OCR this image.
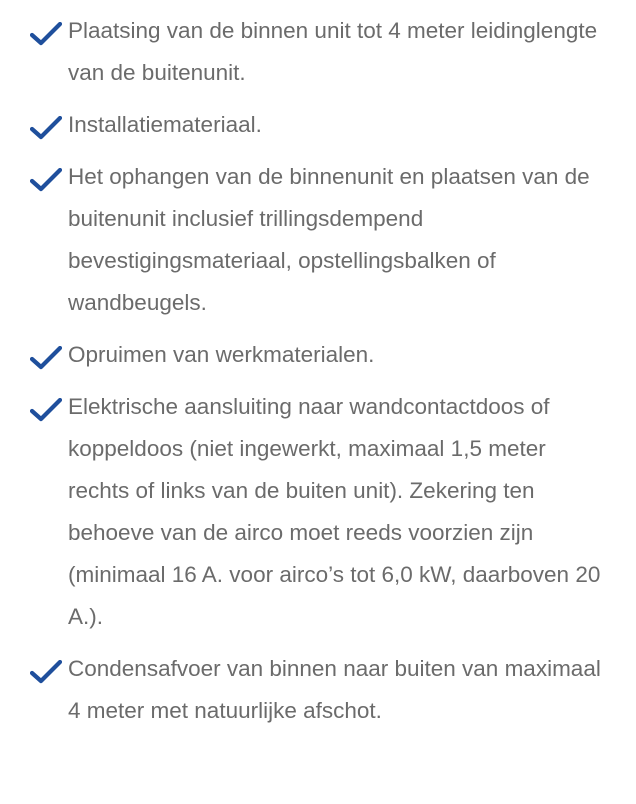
Plaatsing van de binnen unit tot 4 meter leidinglengte van de buitenunit.
Installatiemateriaal.
Het ophangen van de binnenunit en plaatsen van de buitenunit inclusief trillingsdempend bevestigingsmateriaal, opstellingsbalken of wandbeugels.
Opruimen van werkmaterialen.
Elektrische aansluiting naar wandcontactdoos of koppeldoos (niet ingewerkt, maximaal 1,5 meter rechts of links van de buiten unit). Zekering ten behoeve van de airco moet reeds voorzien zijn (minimaal 16 A. voor airco’s tot 6,0 kW, daarboven 20 A.).
Condensafvoer van binnen naar buiten van maximaal 4 meter met natuurlijke afschot.
